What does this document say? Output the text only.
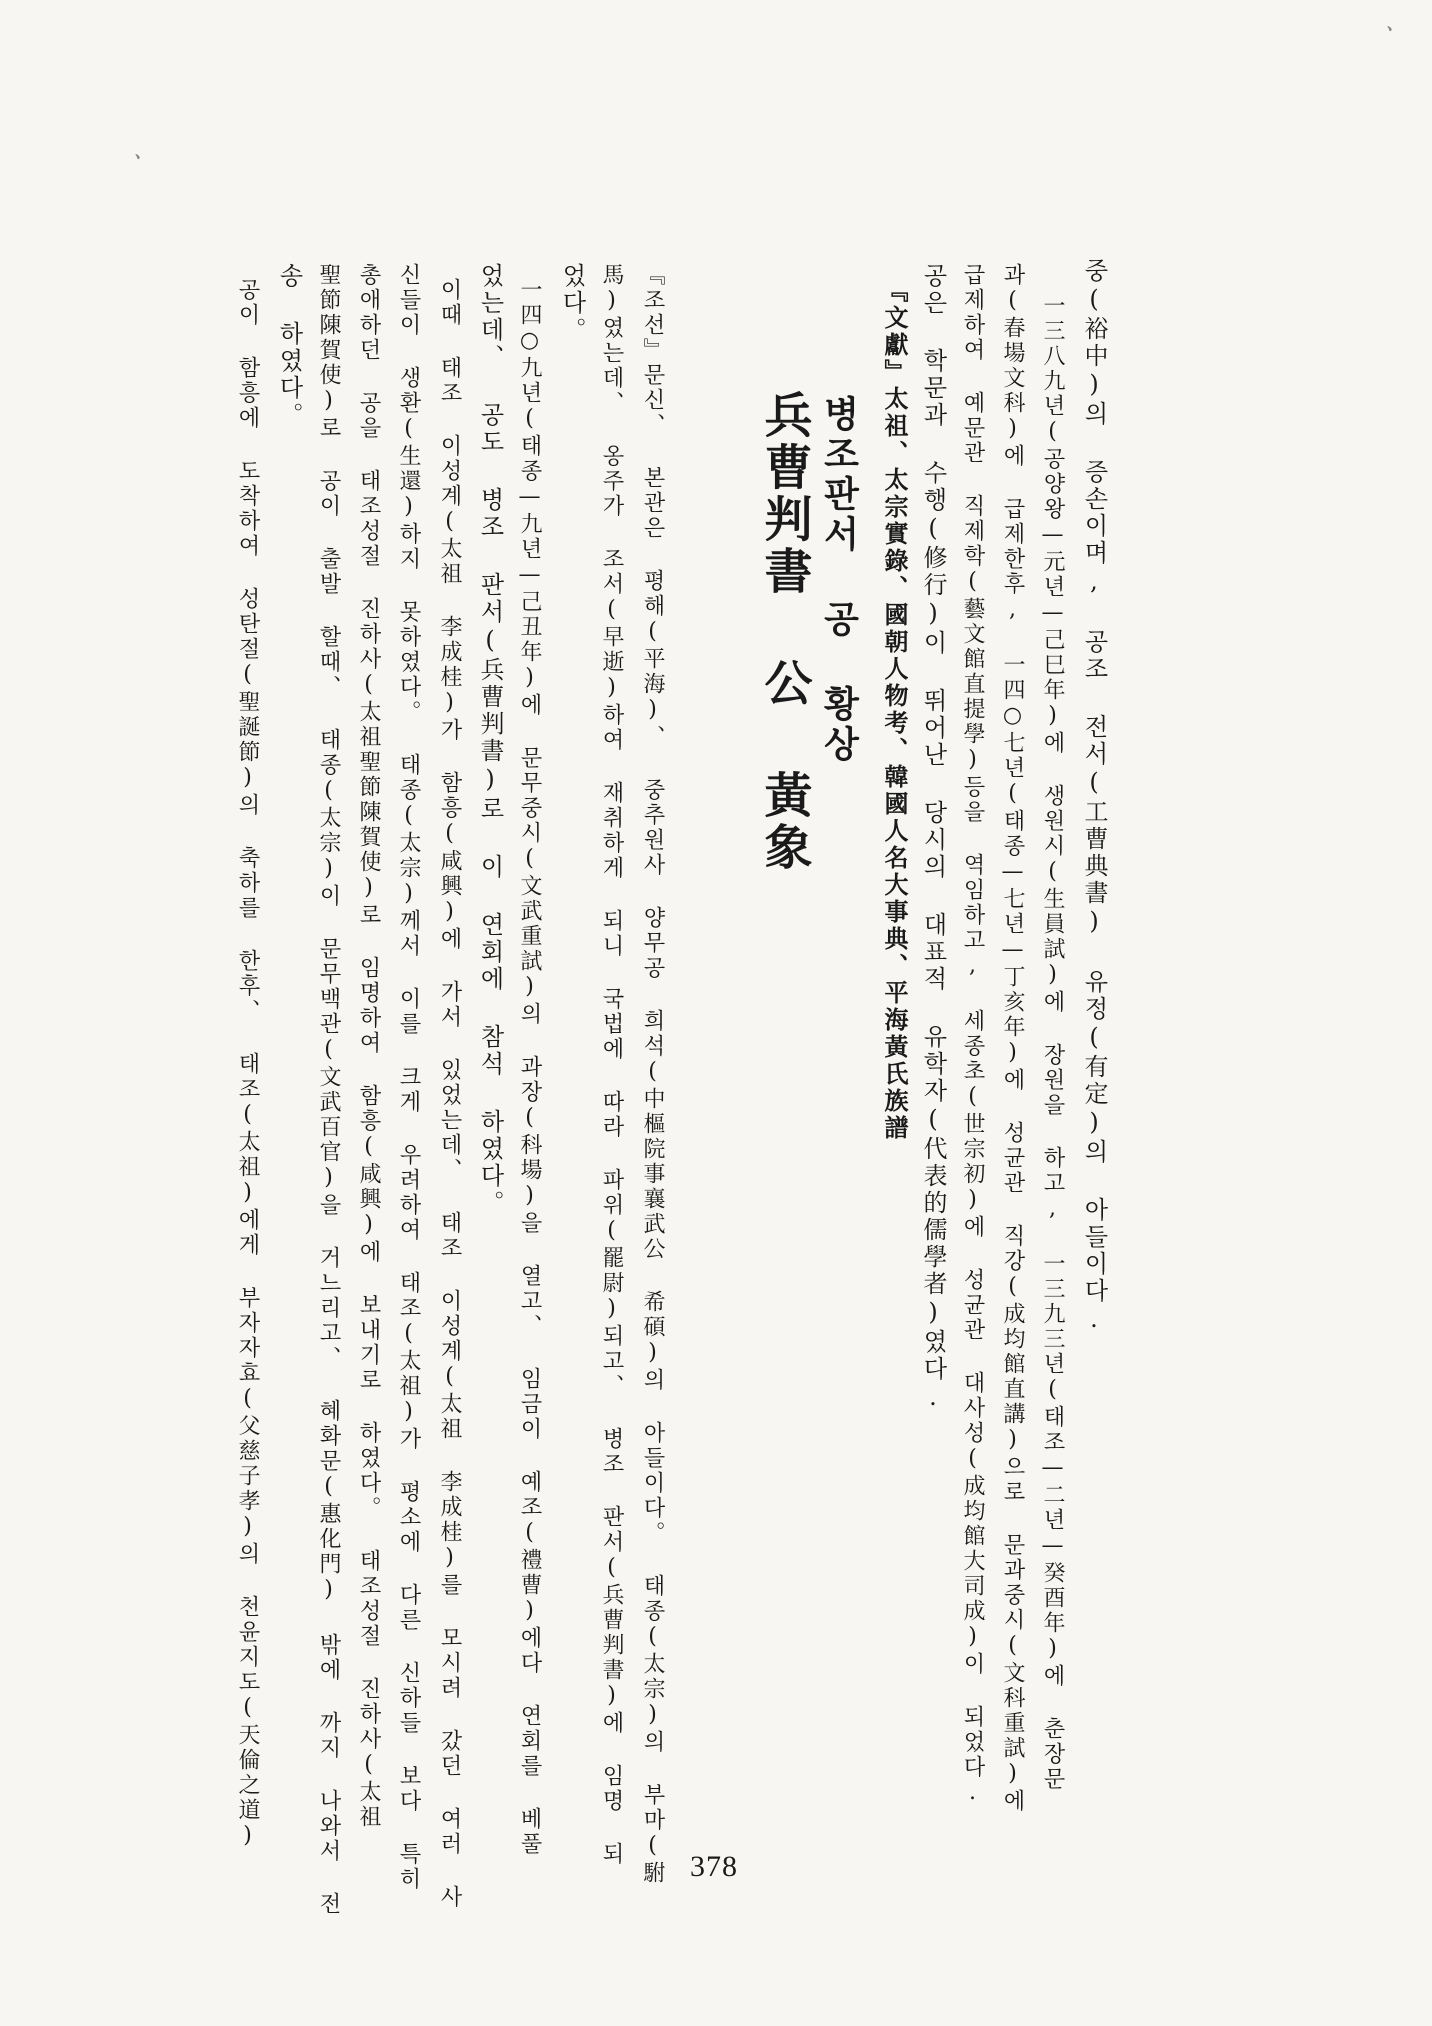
중(裕中)의 증손이며, 공조 전서(工曹典書) 유정(有定)의 아들이다.
一三八九년(공양왕—元년—己巳年)에 생원시(生員試)에 장원을 하고, 一三九三년(태조—二년—癸酉年)에 춘장문
과(春場文科)에 급제한후, 一四○七년(태종—七년—丁亥年)에 성균관 직강(成均館直講)으로 문과중시(文科重試)에
급제하여 예문관 직제학(藝文館直提學)등을 역임하고, 세종초(世宗初)에 성균관 대사성(成均館大司成)이 되었다.
공은 학문과 수행(修行)이 뛰어난 당시의 대표적 유학자(代表的儒學者)였다.
『文獻』太祖、太宗實錄、國朝人物考、韓國人名大事典、平海黃氏族譜
병조판서 공 황상
兵曹判書 公 黃象
『조선』문신、 본관은 평해(平海)、 중추원사 양무공 희석(中樞院事襄武公 希碩)의 아들이다。 태종(太宗)의 부마(駙
馬)였는데、 옹주가 조서(早逝)하여 재취하게 되니 국법에 따라 파위(罷尉)되고、 병조 판서(兵曹判書)에 임명 되
었다。
一四○九년(태종—九년—己丑年)에 문무중시(文武重試)의 과장(科場)을 열고、 임금이 예조(禮曹)에다 연회를 베풀
었는데、 공도 병조 판서(兵曹判書)로 이 연회에 참석 하였다。
이때 태조 이성계(太祖 李成桂)가 함흥(咸興)에 가서 있었는데、 태조 이성계(太祖 李成桂)를 모시려 갔던 여러 사
신들이 생환(生還)하지 못하였다。 태종(太宗)께서 이를 크게 우려하여 태조(太祖)가 평소에 다른 신하들 보다 특히
총애하던 공을 태조성절 진하사(太祖聖節陳賀使)로 임명하여 함흥(咸興)에 보내기로 하였다。 태조성절 진하사(太祖
聖節陳賀使)로 공이 출발 할때、 태종(太宗)이 문무백관(文武百官)을 거느리고、 혜화문(惠化門) 밖에 까지 나와서 전
송 하였다。
공이 함흥에 도착하여 성탄절(聖誕節)의 축하를 한후、 태조(太祖)에게 부자자효(父慈子孝)의 천윤지도(天倫之道)
378
ㆍ
ㆍ
